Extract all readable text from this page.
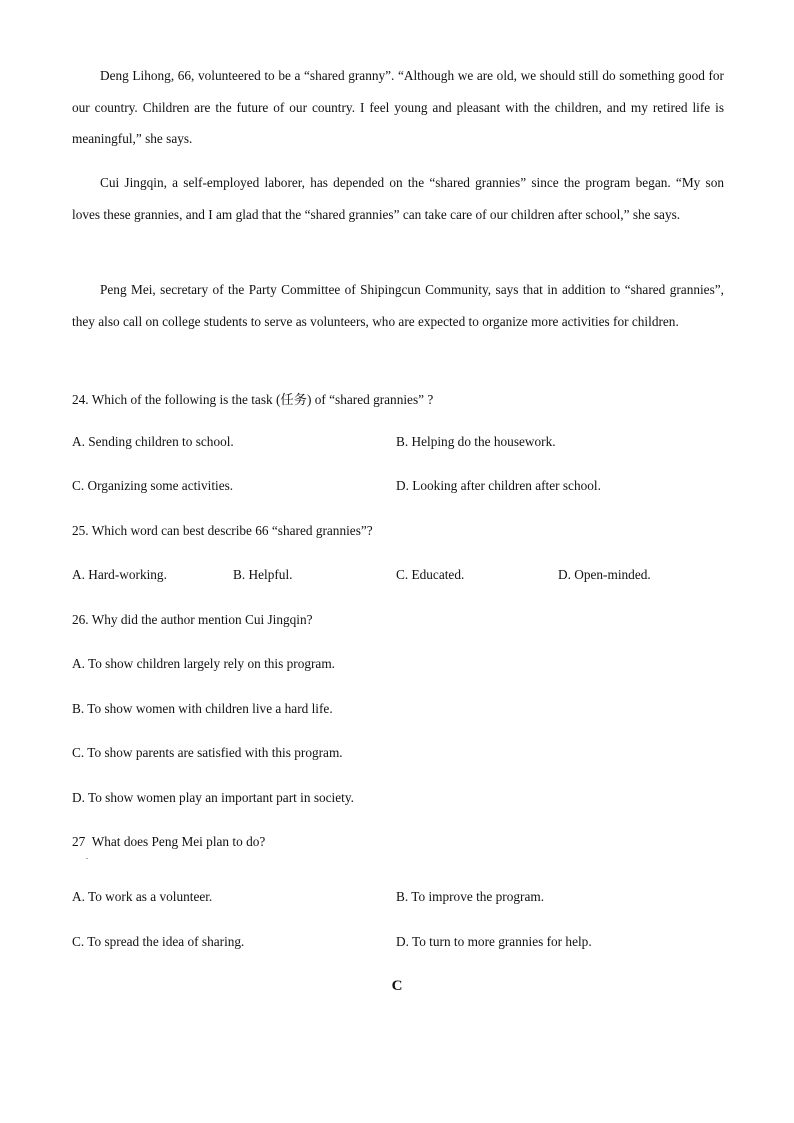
Deng Lihong, 66, volunteered to be a “shared granny”. “Although we are old, we should still do something good for our country. Children are the future of our country. I feel young and pleasant with the children, and my retired life is meaningful,” she says.

Cui Jingqin, a self-employed laborer, has depended on the “shared grannies” since the program began. “My son loves these grannies, and I am glad that the “shared grannies” can take care of our children after school,” she says.

Peng Mei, secretary of the Party Committee of Shipingcun Community, says that in addition to “shared grannies”, they also call on college students to serve as volunteers, who are expected to organize more activities for children.

24. Which of the following is the task (任务) of “shared grannies” ?

A. Sending children to school.	B. Helping do the housework.

C. Organizing some activities.	D. Looking after children after school.

25. Which word can best describe 66 “shared grannies”?

A. Hard-working.	B. Helpful.	C. Educated.	D. Open-minded.

26. Why did the author mention Cui Jingqin?

A. To show children largely rely on this program.

B. To show women with children live a hard life.

C. To show parents are satisfied with this program.

D. To show women play an important part in society.

27  What does Peng Mei plan to do?

.

A. To work as a volunteer.	B. To improve the program.

C. To spread the idea of sharing.	D. To turn to more grannies for help.

C
